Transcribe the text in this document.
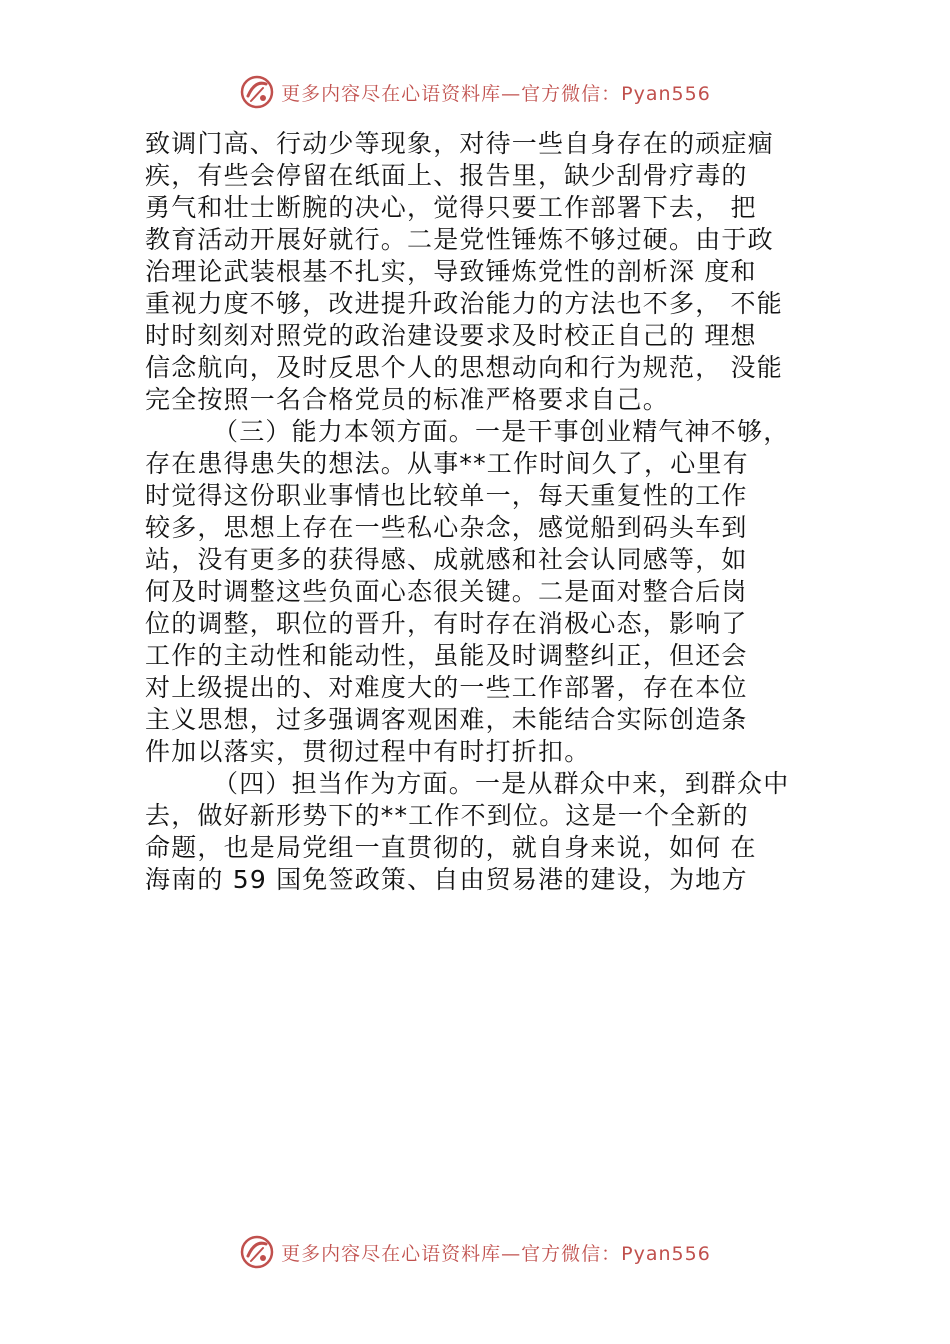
更多内容尽在心语资料库—官方微信：Pyan556
致调门高、行动少等现象，对待一些自身存在的顽症痼
疾，有些会停留在纸面上、报告里，缺少刮骨疗毒的
勇气和壮士断腕的决心，觉得只要工作部署下去， 把
教育活动开展好就行。二是党性锤炼不够过硬。由于政
治理论武装根基不扎实，导致锤炼党性的剖析深 度和
重视力度不够，改进提升政治能力的方法也不多， 不能
时时刻刻对照党的政治建设要求及时校正自己的 理想
信念航向，及时反思个人的思想动向和行为规范， 没能
完全按照一名合格党员的标准严格要求自己。
（三）能力本领方面。一是干事创业精气神不够，
存在患得患失的想法。从事**工作时间久了，心里有
时觉得这份职业事情也比较单一，每天重复性的工作
较多，思想上存在一些私心杂念，感觉船到码头车到
站，没有更多的获得感、成就感和社会认同感等，如
何及时调整这些负面心态很关键。二是面对整合后岗
位的调整，职位的晋升，有时存在消极心态，影响了
工作的主动性和能动性，虽能及时调整纠正，但还会
对上级提出的、对难度大的一些工作部署，存在本位
主义思想，过多强调客观困难，未能结合实际创造条
件加以落实，贯彻过程中有时打折扣。
（四）担当作为方面。一是从群众中来，到群众中
去，做好新形势下的**工作不到位。这是一个全新的
命题，也是局党组一直贯彻的，就自身来说，如何 在
海南的 59 国免签政策、自由贸易港的建设，为地方
更多内容尽在心语资料库—官方微信：Pyan556
